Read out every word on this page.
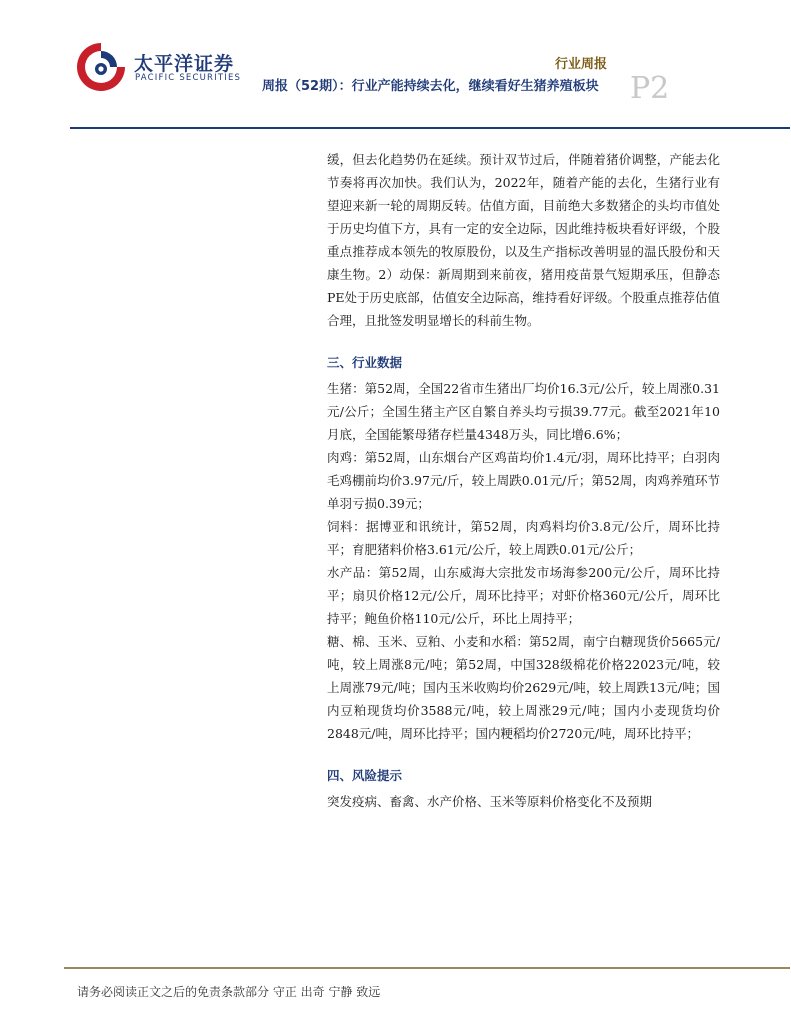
太平洋证券
PACIFIC SECURITIES
行业周报
周报（52期）：行业产能持续去化，继续看好生猪养殖板块 P2

缓，但去化趋势仍在延续。预计双节过后，伴随着猪价调整，产能去化节奏将再次加快。我们认为，2022年，随着产能的去化，生猪行业有望迎来新一轮的周期反转。估值方面，目前绝大多数猪企的头均市值处于历史均值下方，具有一定的安全边际，因此维持板块看好评级，个股重点推荐成本领先的牧原股份，以及生产指标改善明显的温氏股份和天康生物。2）动保：新周期到来前夜，猪用疫苗景气短期承压，但静态PE处于历史底部，估值安全边际高，维持看好评级。个股重点推荐估值合理，且批签发明显增长的科前生物。

三、行业数据

生猪：第52周，全国22省市生猪出厂均价16.3元/公斤，较上周涨0.31元/公斤；全国生猪主产区自繁自养头均亏损39.77元。截至2021年10月底，全国能繁母猪存栏量4348万头，同比增6.6%；

肉鸡：第52周，山东烟台产区鸡苗均价1.4元/羽，周环比持平；白羽肉毛鸡棚前均价3.97元/斤，较上周跌0.01元/斤；第52周，肉鸡养殖环节单羽亏损0.39元；

饲料：据博亚和讯统计，第52周，肉鸡料均价3.8元/公斤，周环比持平；育肥猪料价格3.61元/公斤，较上周跌0.01元/公斤；

水产品：第52周，山东威海大宗批发市场海参200元/公斤，周环比持平；扇贝价格12元/公斤，周环比持平；对虾价格360元/公斤，周环比持平；鲍鱼价格110元/公斤，环比上周持平；

糖、棉、玉米、豆粕、小麦和水稻：第52周，南宁白糖现货价5665元/吨，较上周涨8元/吨；第52周，中国328级棉花价格22023元/吨，较上周涨79元/吨；国内玉米收购均价2629元/吨，较上周跌13元/吨；国内豆粕现货均价3588元/吨，较上周涨29元/吨；国内小麦现货均价2848元/吨，周环比持平；国内粳稻均价2720元/吨，周环比持平；

四、风险提示

突发疫病、畜禽、水产价格、玉米等原料价格变化不及预期

请务必阅读正文之后的免责条款部分 守正 出奇 宁静 致远
